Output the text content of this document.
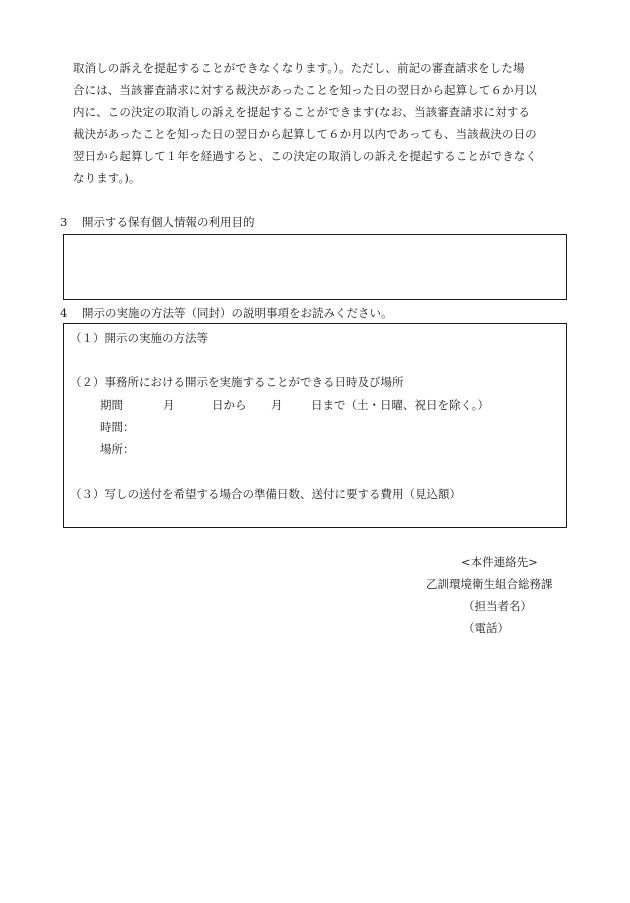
取消しの訴えを提起することができなくなります。）。ただし、前記の審査請求をした場
合には、当該審査請求に対する裁決があったことを知った日の翌日から起算して６か月以
内に、この決定の取消しの訴えを提起することができます(なお、当該審査請求に対する
裁決があったことを知った日の翌日から起算して６か月以内であっても、当該裁決の日の
翌日から起算して１年を経過すると、この決定の取消しの訴えを提起することができなく
なります。)。
3 開示する保有個人情報の利用目的
4 開示の実施の方法等（同封）の説明事項をお読みください。
（１）開示の実施の方法等
（２）事務所における開示を実施することができる日時及び場所
期間	月	日から 月 日まで（土・日曜、祝日を除く。）
時間：
場所：
（３）写しの送付を希望する場合の準備日数、送付に要する費用（見込額）
<本件連絡先>
乙訓環境衛生組合総務課
（担当者名）
（電話）
